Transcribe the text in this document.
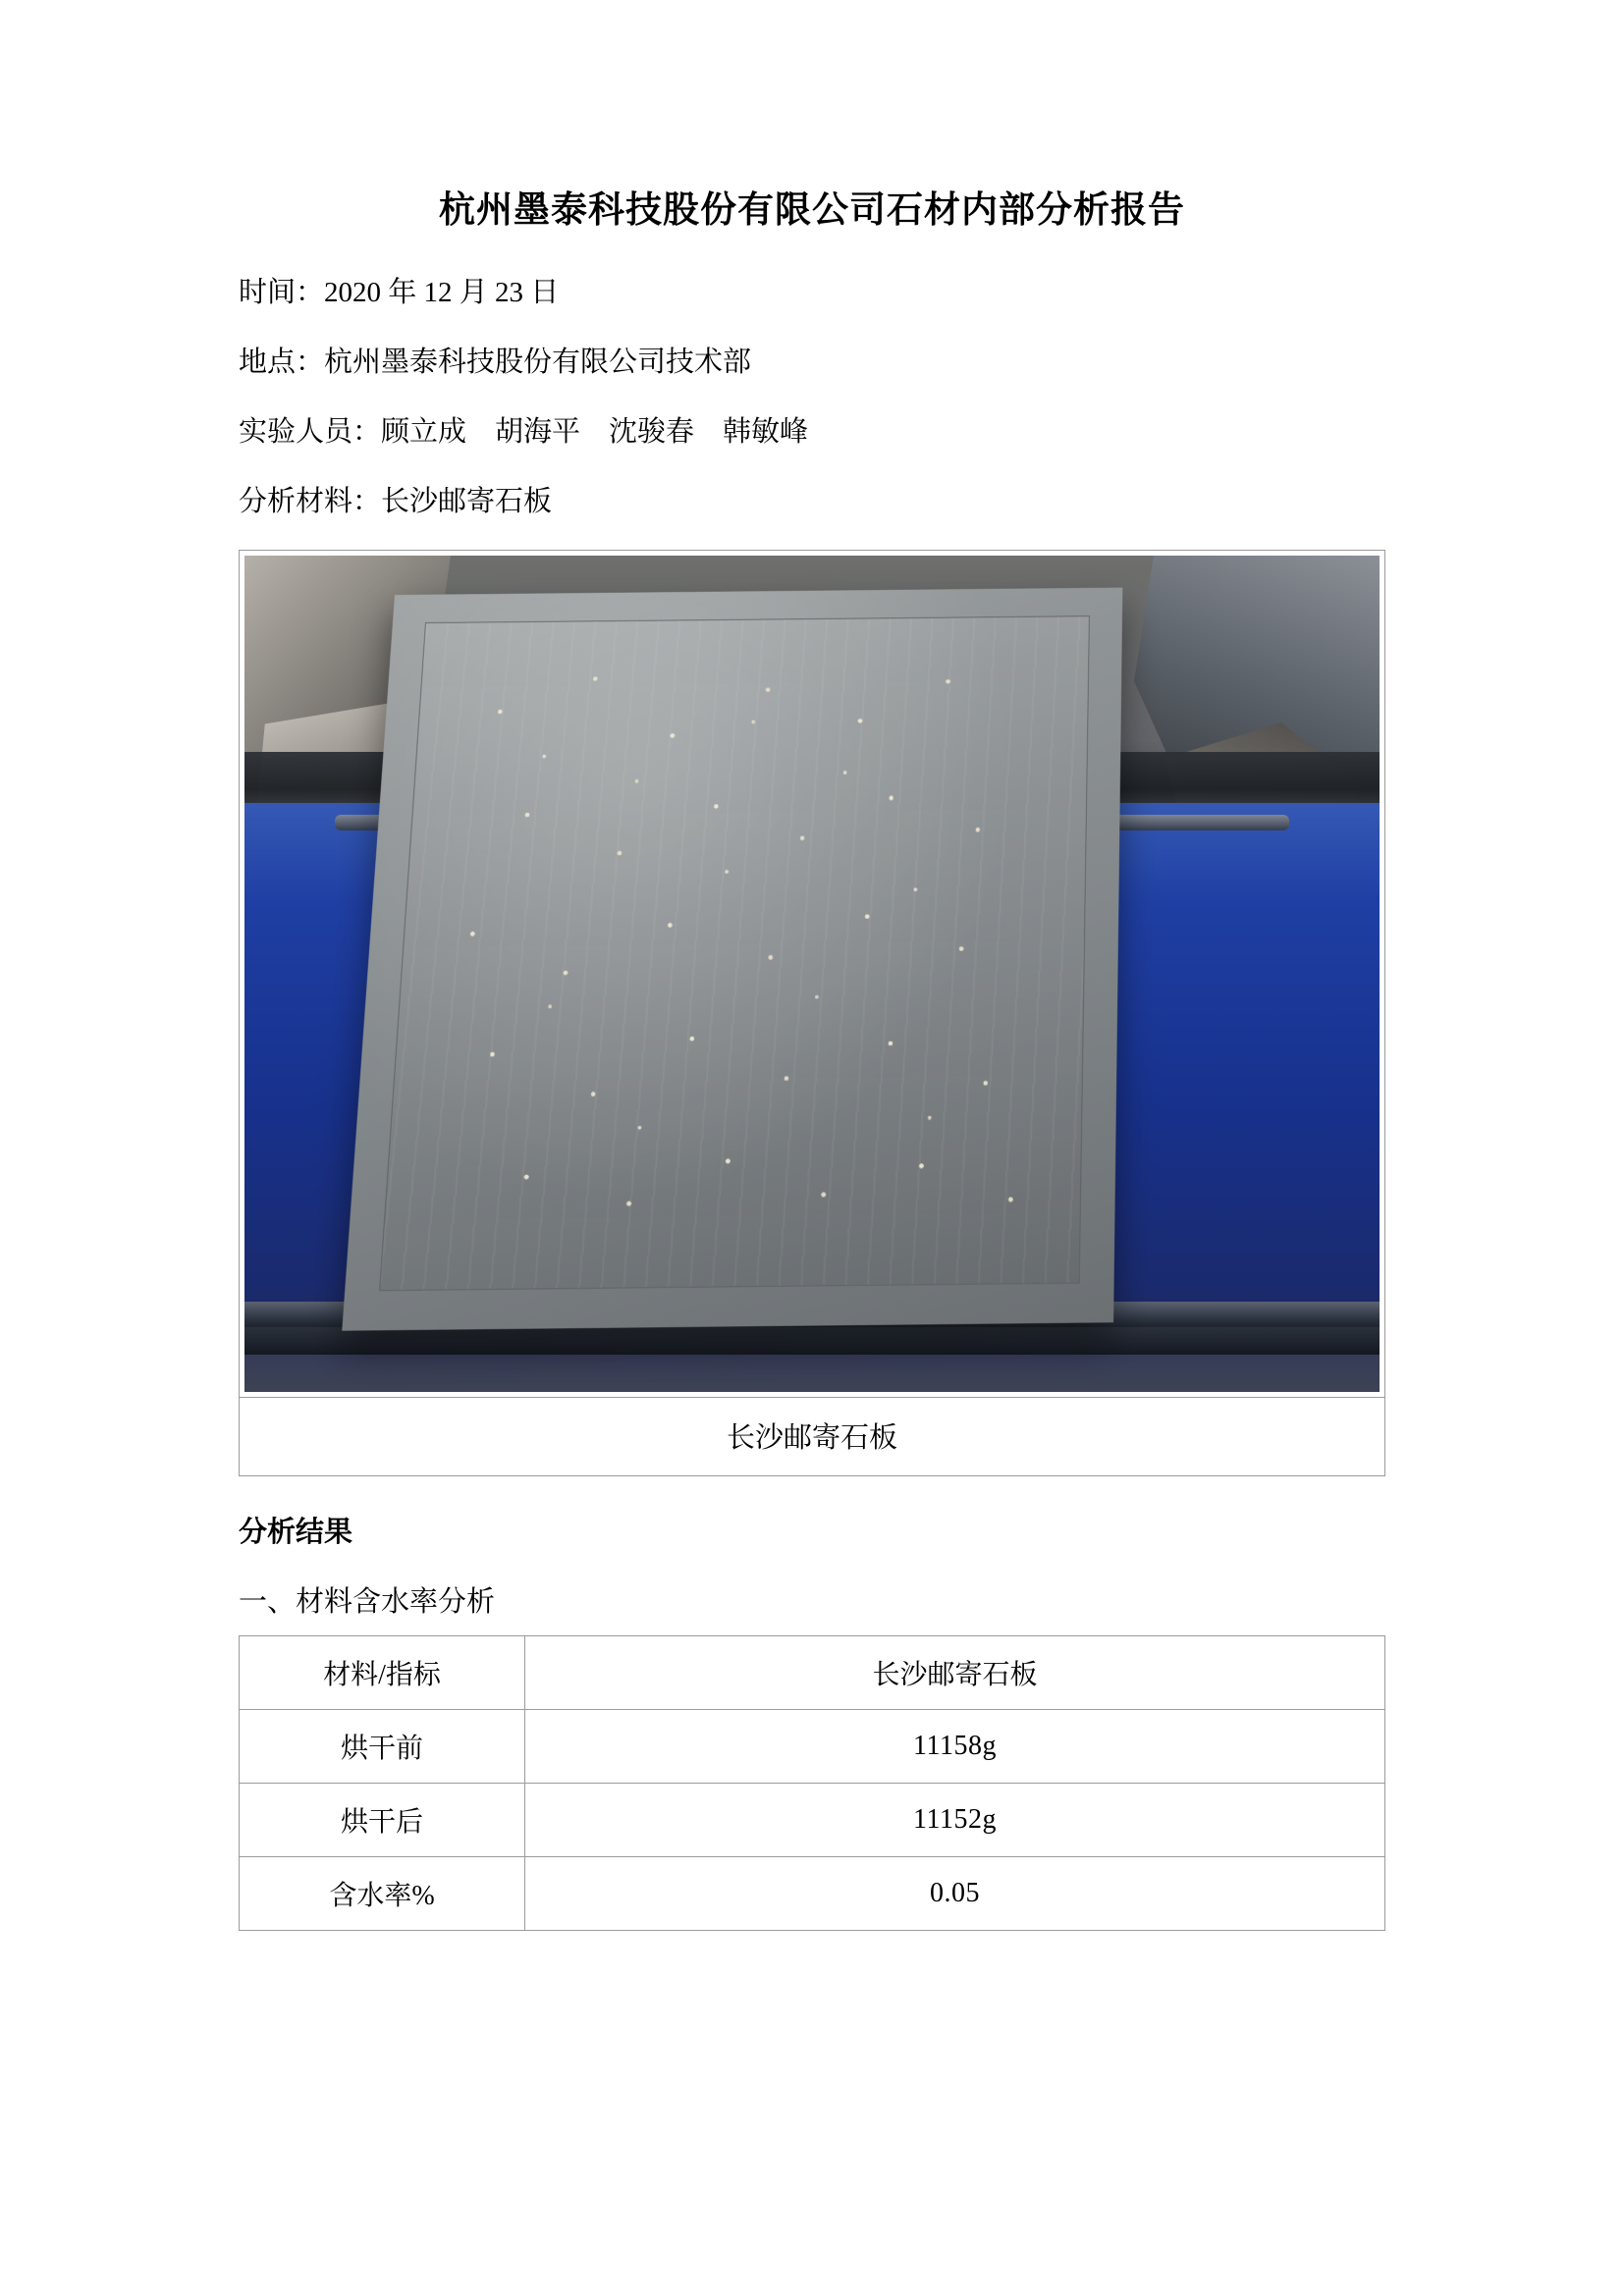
杭州墨泰科技股份有限公司石材内部分析报告

时间：2020 年 12 月 23 日

地点：杭州墨泰科技股份有限公司技术部

实验人员：顾立成　胡海平　沈骏春　韩敏峰

分析材料：长沙邮寄石板

长沙邮寄石板

分析结果

一、材料含水率分析

材料/指标	长沙邮寄石板
烘干前	11158g
烘干后	11152g
含水率%	0.05
